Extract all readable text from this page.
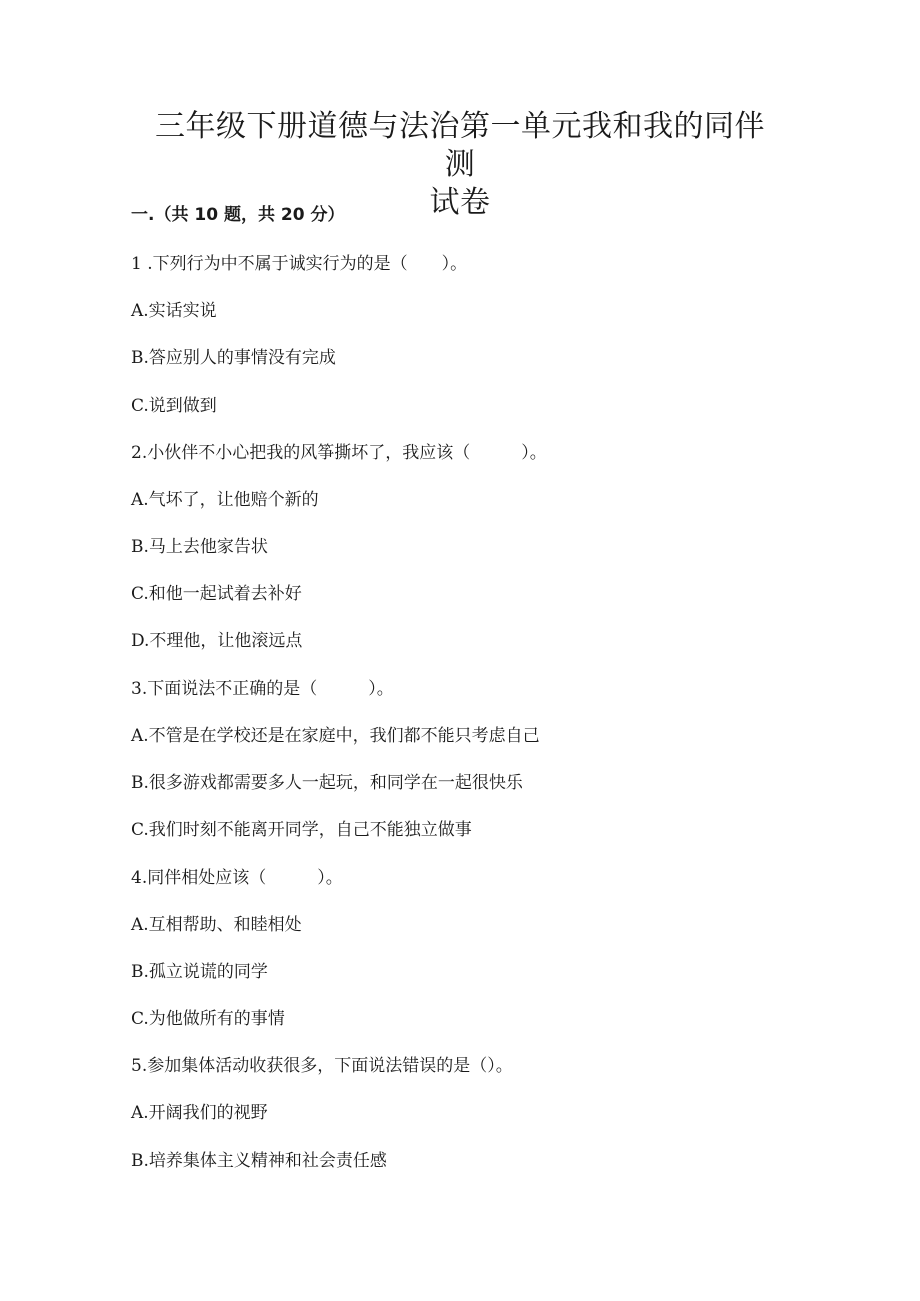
三年级下册道德与法治第一单元我和我的同伴测
试卷

一.（共 10 题，共 20 分）

1 .下列行为中不属于诚实行为的是（　　）。

A.实话实说

B.答应别人的事情没有完成

C.说到做到

2.小伙伴不小心把我的风筝撕坏了，我应该（　　　）。

A.气坏了，让他赔个新的

B.马上去他家告状

C.和他一起试着去补好

D.不理他，让他滚远点

3.下面说法不正确的是（　　　）。

A.不管是在学校还是在家庭中，我们都不能只考虑自己

B.很多游戏都需要多人一起玩，和同学在一起很快乐

C.我们时刻不能离开同学，自己不能独立做事

4.同伴相处应该（　　　）。

A.互相帮助、和睦相处

B.孤立说谎的同学

C.为他做所有的事情

5.参加集体活动收获很多，下面说法错误的是（）。

A.开阔我们的视野

B.培养集体主义精神和社会责任感
